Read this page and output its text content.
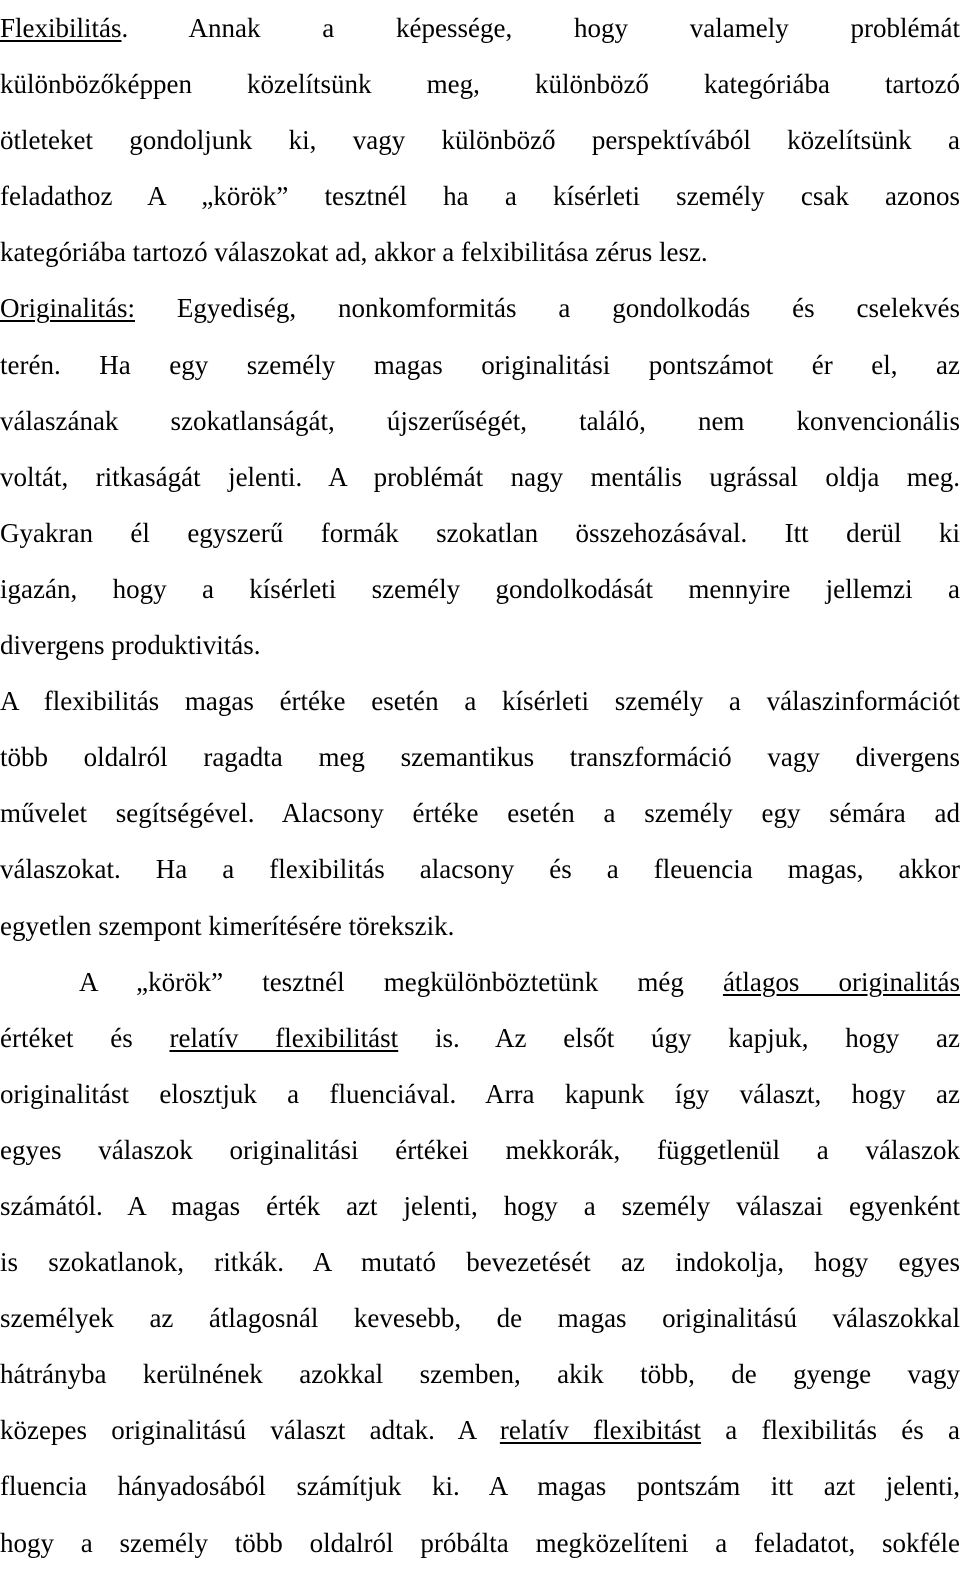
Flexibilitás. Annak a képessége, hogy valamely problémát
különbözőképpen közelítsünk meg, különböző kategóriába tartozó
ötleteket gondoljunk ki, vagy különböző perspektívából közelítsünk a
feladathoz A „körök” tesztnél ha a kísérleti személy csak azonos
kategóriába tartozó válaszokat ad, akkor a felxibilitása zérus lesz.
Originalitás: Egyediség, nonkomformitás a gondolkodás és cselekvés
terén. Ha egy személy magas originalitási pontszámot ér el, az
válaszának szokatlanságát, újszerűségét, találó, nem konvencionális
voltát, ritkaságát jelenti. A problémát nagy mentális ugrással oldja meg.
Gyakran él egyszerű formák szokatlan összehozásával. Itt derül ki
igazán, hogy a kísérleti személy gondolkodását mennyire jellemzi a
divergens produktivitás.
A flexibilitás magas értéke esetén a kísérleti személy a válaszinformációt
több oldalról ragadta meg szemantikus transzformáció vagy divergens
művelet segítségével. Alacsony értéke esetén a személy egy sémára ad
válaszokat. Ha a flexibilitás alacsony és a fleuencia magas, akkor
egyetlen szempont kimerítésére törekszik.
A „körök” tesztnél megkülönböztetünk még átlagos originalitás
értéket és relatív flexibilitást is. Az elsőt úgy kapjuk, hogy az
originalitást elosztjuk a fluenciával. Arra kapunk így választ, hogy az
egyes válaszok originalitási értékei mekkorák, függetlenül a válaszok
számától. A magas érték azt jelenti, hogy a személy válaszai egyenként
is szokatlanok, ritkák. A mutató bevezetését az indokolja, hogy egyes
személyek az átlagosnál kevesebb, de magas originalitású válaszokkal
hátrányba kerülnének azokkal szemben, akik több, de gyenge vagy
közepes originalitású választ adtak. A relatív flexibitást a flexibilitás és a
fluencia hányadosából számítjuk ki. A magas pontszám itt azt jelenti,
hogy a személy több oldalról próbálta megközelíteni a feladatot, sokféle
